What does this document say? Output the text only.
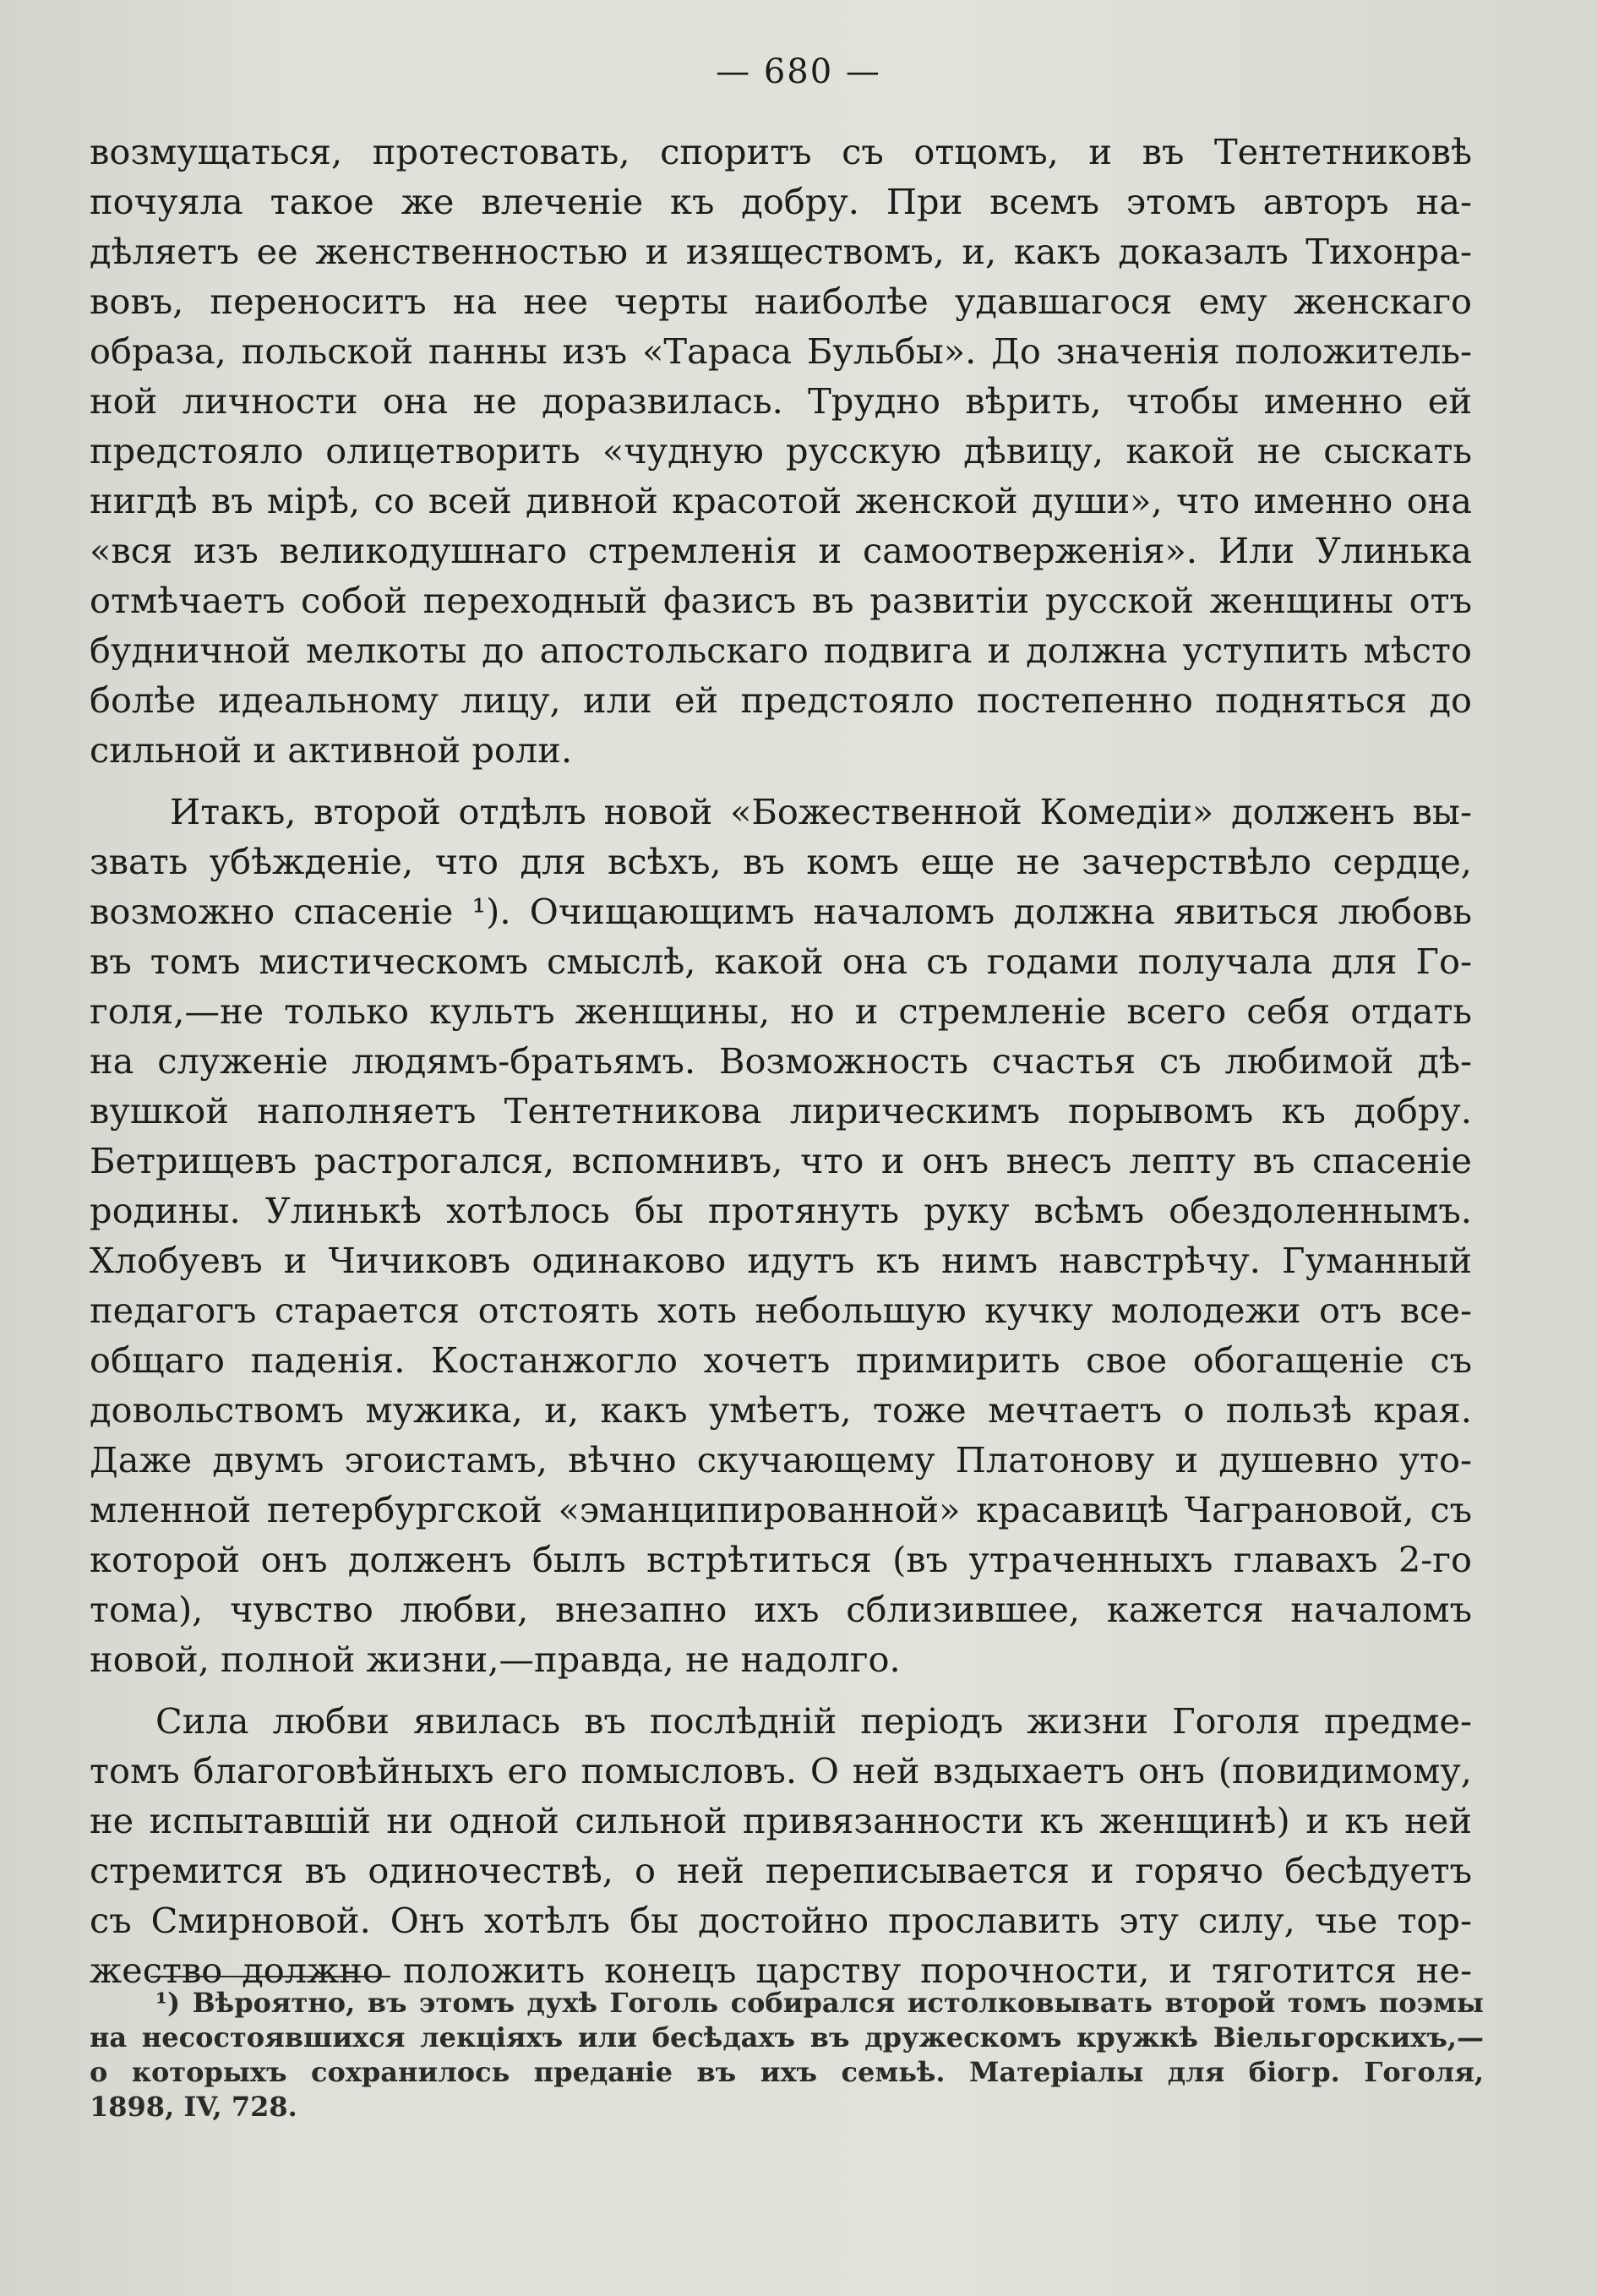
— 680 —
возмущаться, протестовать, споритъ съ отцомъ, и въ Тентетниковѣ
почуяла такое же влеченіе къ добру. При всемъ этомъ авторъ на-
дѣляетъ ее женственностью и изяществомъ, и, какъ доказалъ Тихонра-
вовъ, переноситъ на нее черты наиболѣе удавшагося ему женскаго
образа, польской панны изъ «Тараса Бульбы». До значенія положитель-
ной личности она не доразвилась. Трудно вѣрить, чтобы именно ей
предстояло олицетворить «чудную русскую дѣвицу, какой не сыскать
нигдѣ въ мірѣ, со всей дивной красотой женской души», что именно она
«вся изъ великодушнаго стремленія и самоотверженія». Или Улинька
отмѣчаетъ собой переходный фазисъ въ развитіи русской женщины отъ
будничной мелкоты до апостольскаго подвига и должна уступить мѣсто
болѣе идеальному лицу, или ей предстояло постепенно подняться до
сильной и активной роли.
Итакъ, второй отдѣлъ новой «Божественной Комедіи» долженъ вы-
звать убѣжденіе, что для всѣхъ, въ комъ еще не зачерствѣло сердце,
возможно спасеніе ¹). Очищающимъ началомъ должна явиться любовь
въ томъ мистическомъ смыслѣ, какой она съ годами получала для Го-
голя,—не только культъ женщины, но и стремленіе всего себя отдать
на служеніе людямъ-братьямъ. Возможность счастья съ любимой дѣ-
вушкой наполняетъ Тентетникова лирическимъ порывомъ къ добру.
Бетрищевъ растрогался, вспомнивъ, что и онъ внесъ лепту въ спасеніе
родины. Улинькѣ хотѣлось бы протянуть руку всѣмъ обездоленнымъ.
Хлобуевъ и Чичиковъ одинаково идутъ къ нимъ навстрѣчу. Гуманный
педагогъ старается отстоять хоть небольшую кучку молодежи отъ все-
общаго паденія. Костанжогло хочетъ примирить свое обогащеніе съ
довольствомъ мужика, и, какъ умѣетъ, тоже мечтаетъ о пользѣ края.
Даже двумъ эгоистамъ, вѣчно скучающему Платонову и душевно уто-
мленной петербургской «эманципированной» красавицѣ Чаграновой, съ
которой онъ долженъ былъ встрѣтиться (въ утраченныхъ главахъ 2-го
тома), чувство любви, внезапно ихъ сблизившее, кажется началомъ
новой, полной жизни,—правда, не надолго.
Сила любви явилась въ послѣдній періодъ жизни Гоголя предме-
томъ благоговѣйныхъ его помысловъ. О ней вздыхаетъ онъ (повидимому,
не испытавшій ни одной сильной привязанности къ женщинѣ) и къ ней
стремится въ одиночествѣ, о ней переписывается и горячо бесѣдуетъ
съ Смирновой. Онъ хотѣлъ бы достойно прославить эту силу, чье тор-
жество должно положить конецъ царству порочности, и тяготится не-
¹) Вѣроятно, въ этомъ духѣ Гоголь собирался истолковывать второй томъ поэмы
на несостоявшихся лекціяхъ или бесѣдахъ въ дружескомъ кружкѣ Віельгорскихъ,—
о которыхъ сохранилось преданіе въ ихъ семьѣ. Матеріалы для біогр. Гоголя,
1898, IV, 728.
